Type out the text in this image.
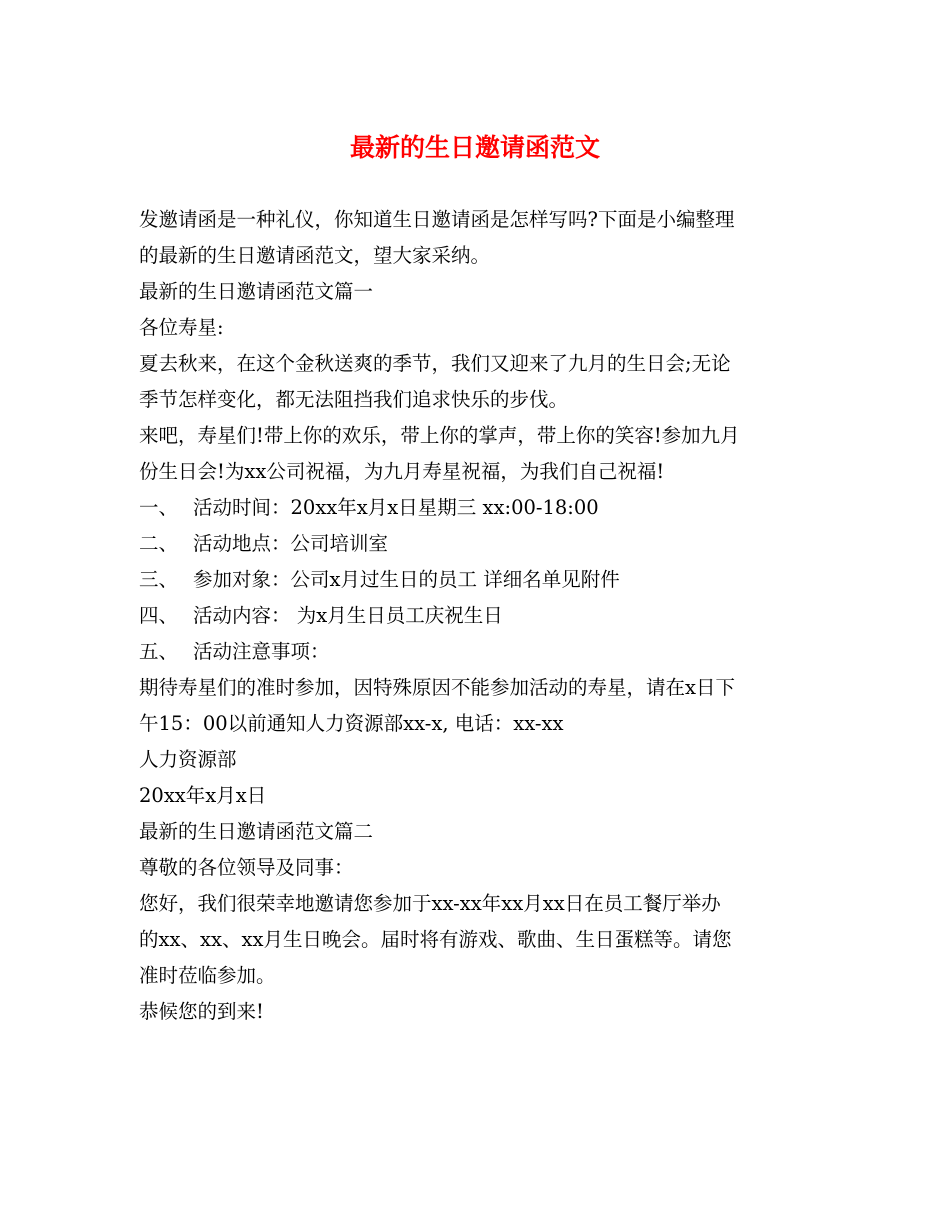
最新的生日邀请函范文
发邀请函是一种礼仪，你知道生日邀请函是怎样写吗?下面是小编整理
的最新的生日邀请函范文，望大家采纳。
最新的生日邀请函范文篇一
各位寿星:
夏去秋来，在这个金秋送爽的季节，我们又迎来了九月的生日会;无论
季节怎样变化，都无法阻挡我们追求快乐的步伐。
来吧，寿星们!带上你的欢乐，带上你的掌声，带上你的笑容!参加九月
份生日会!为xx公司祝福，为九月寿星祝福，为我们自己祝福!
一、 活动时间：20xx年x月x日星期三 xx:00-18:00
二、 活动地点：公司培训室
三、 参加对象：公司x月过生日的员工 详细名单见附件
四、 活动内容： 为x月生日员工庆祝生日
五、 活动注意事项：
期待寿星们的准时参加，因特殊原因不能参加活动的寿星，请在x日下
午15：00以前通知人力资源部xx-x, 电话：xx-xx
人力资源部
20xx年x月x日
最新的生日邀请函范文篇二
尊敬的各位领导及同事：
您好，我们很荣幸地邀请您参加于xx-xx年xx月xx日在员工餐厅举办
的xx、xx、xx月生日晚会。届时将有游戏、歌曲、生日蛋糕等。请您
准时莅临参加。
恭候您的到来!
